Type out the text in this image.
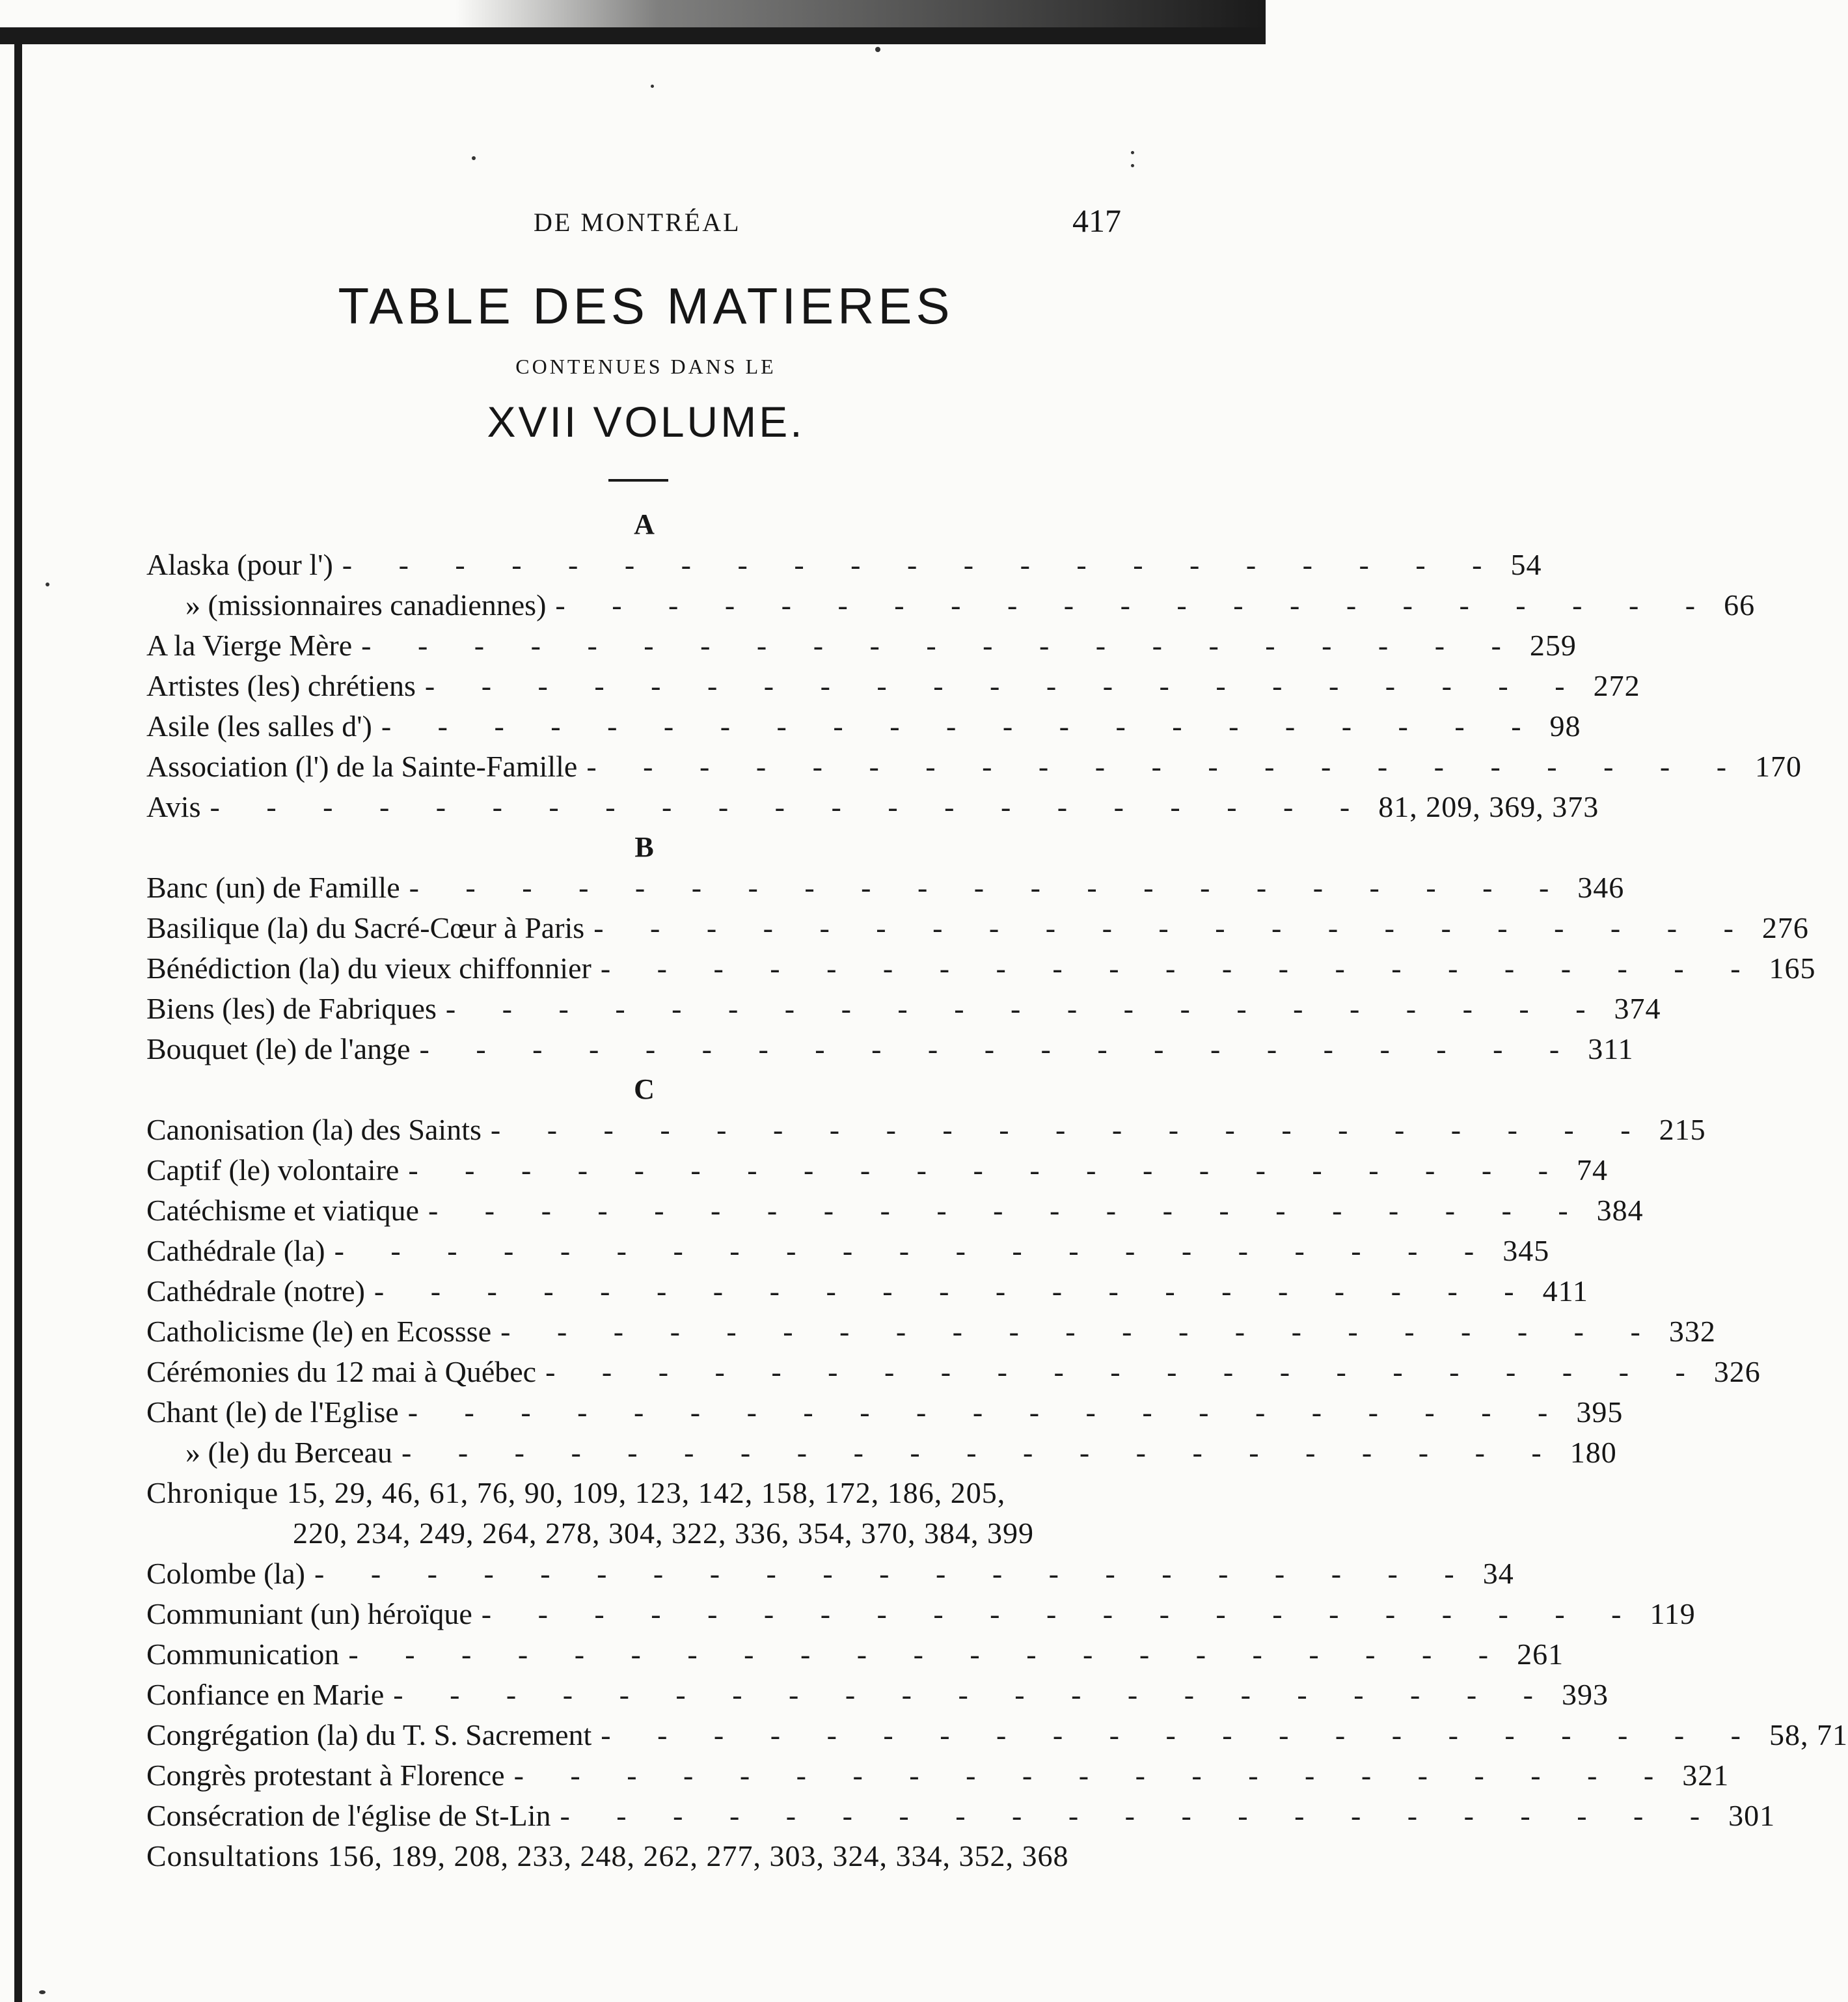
DE MONTRÉAL	417
TABLE DES MATIERES
CONTENUES DANS LE
XVII VOLUME.
A
Alaska (pour l') - - - - - - - - - - - - - - - - - - - - - 54
» (missionnaires canadiennes) - - - - - - - - - - - - - - - - - - - - - 66
A la Vierge Mère - - - - - - - - - - - - - - - - - - - - - 259
Artistes (les) chrétiens - - - - - - - - - - - - - - - - - - - - - 272
Asile (les salles d') - - - - - - - - - - - - - - - - - - - - - 98
Association (l') de la Sainte-Famille - - - - - - - - - - - - - - - - - - - - - 170
Avis - - - - - - - - - - - - - - - - - - - - - 81, 209, 369, 373
B
Banc (un) de Famille - - - - - - - - - - - - - - - - - - - - - 346
Basilique (la) du Sacré-Cœur à Paris - - - - - - - - - - - - - - - - - - - - - 276
Bénédiction (la) du vieux chiffonnier - - - - - - - - - - - - - - - - - - - - - 165
Biens (les) de Fabriques - - - - - - - - - - - - - - - - - - - - - 374
Bouquet (le) de l'ange - - - - - - - - - - - - - - - - - - - - - 311
C
Canonisation (la) des Saints - - - - - - - - - - - - - - - - - - - - - 215
Captif (le) volontaire - - - - - - - - - - - - - - - - - - - - - 74
Catéchisme et viatique - - - - - - - - - - - - - - - - - - - - - 384
Cathédrale (la) - - - - - - - - - - - - - - - - - - - - - 345
Cathédrale (notre) - - - - - - - - - - - - - - - - - - - - - 411
Catholicisme (le) en Ecossse - - - - - - - - - - - - - - - - - - - - - 332
Cérémonies du 12 mai à Québec - - - - - - - - - - - - - - - - - - - - - 326
Chant (le) de l'Eglise - - - - - - - - - - - - - - - - - - - - - 395
» (le) du Berceau - - - - - - - - - - - - - - - - - - - - - 180
Chronique 15, 29, 46, 61, 76, 90, 109, 123, 142, 158, 172, 186, 205,
220, 234, 249, 264, 278, 304, 322, 336, 354, 370, 384, 399
Colombe (la) - - - - - - - - - - - - - - - - - - - - - 34
Communiant (un) héroïque - - - - - - - - - - - - - - - - - - - - - 119
Communication - - - - - - - - - - - - - - - - - - - - - 261
Confiance en Marie - - - - - - - - - - - - - - - - - - - - - 393
Congrégation (la) du T. S. Sacrement - - - - - - - - - - - - - - - - - - - - - 58, 71
Congrès protestant à Florence - - - - - - - - - - - - - - - - - - - - - 321
Consécration de l'église de St-Lin - - - - - - - - - - - - - - - - - - - - - 301
Consultations 156, 189, 208, 233, 248, 262, 277, 303, 324, 334, 352, 368
